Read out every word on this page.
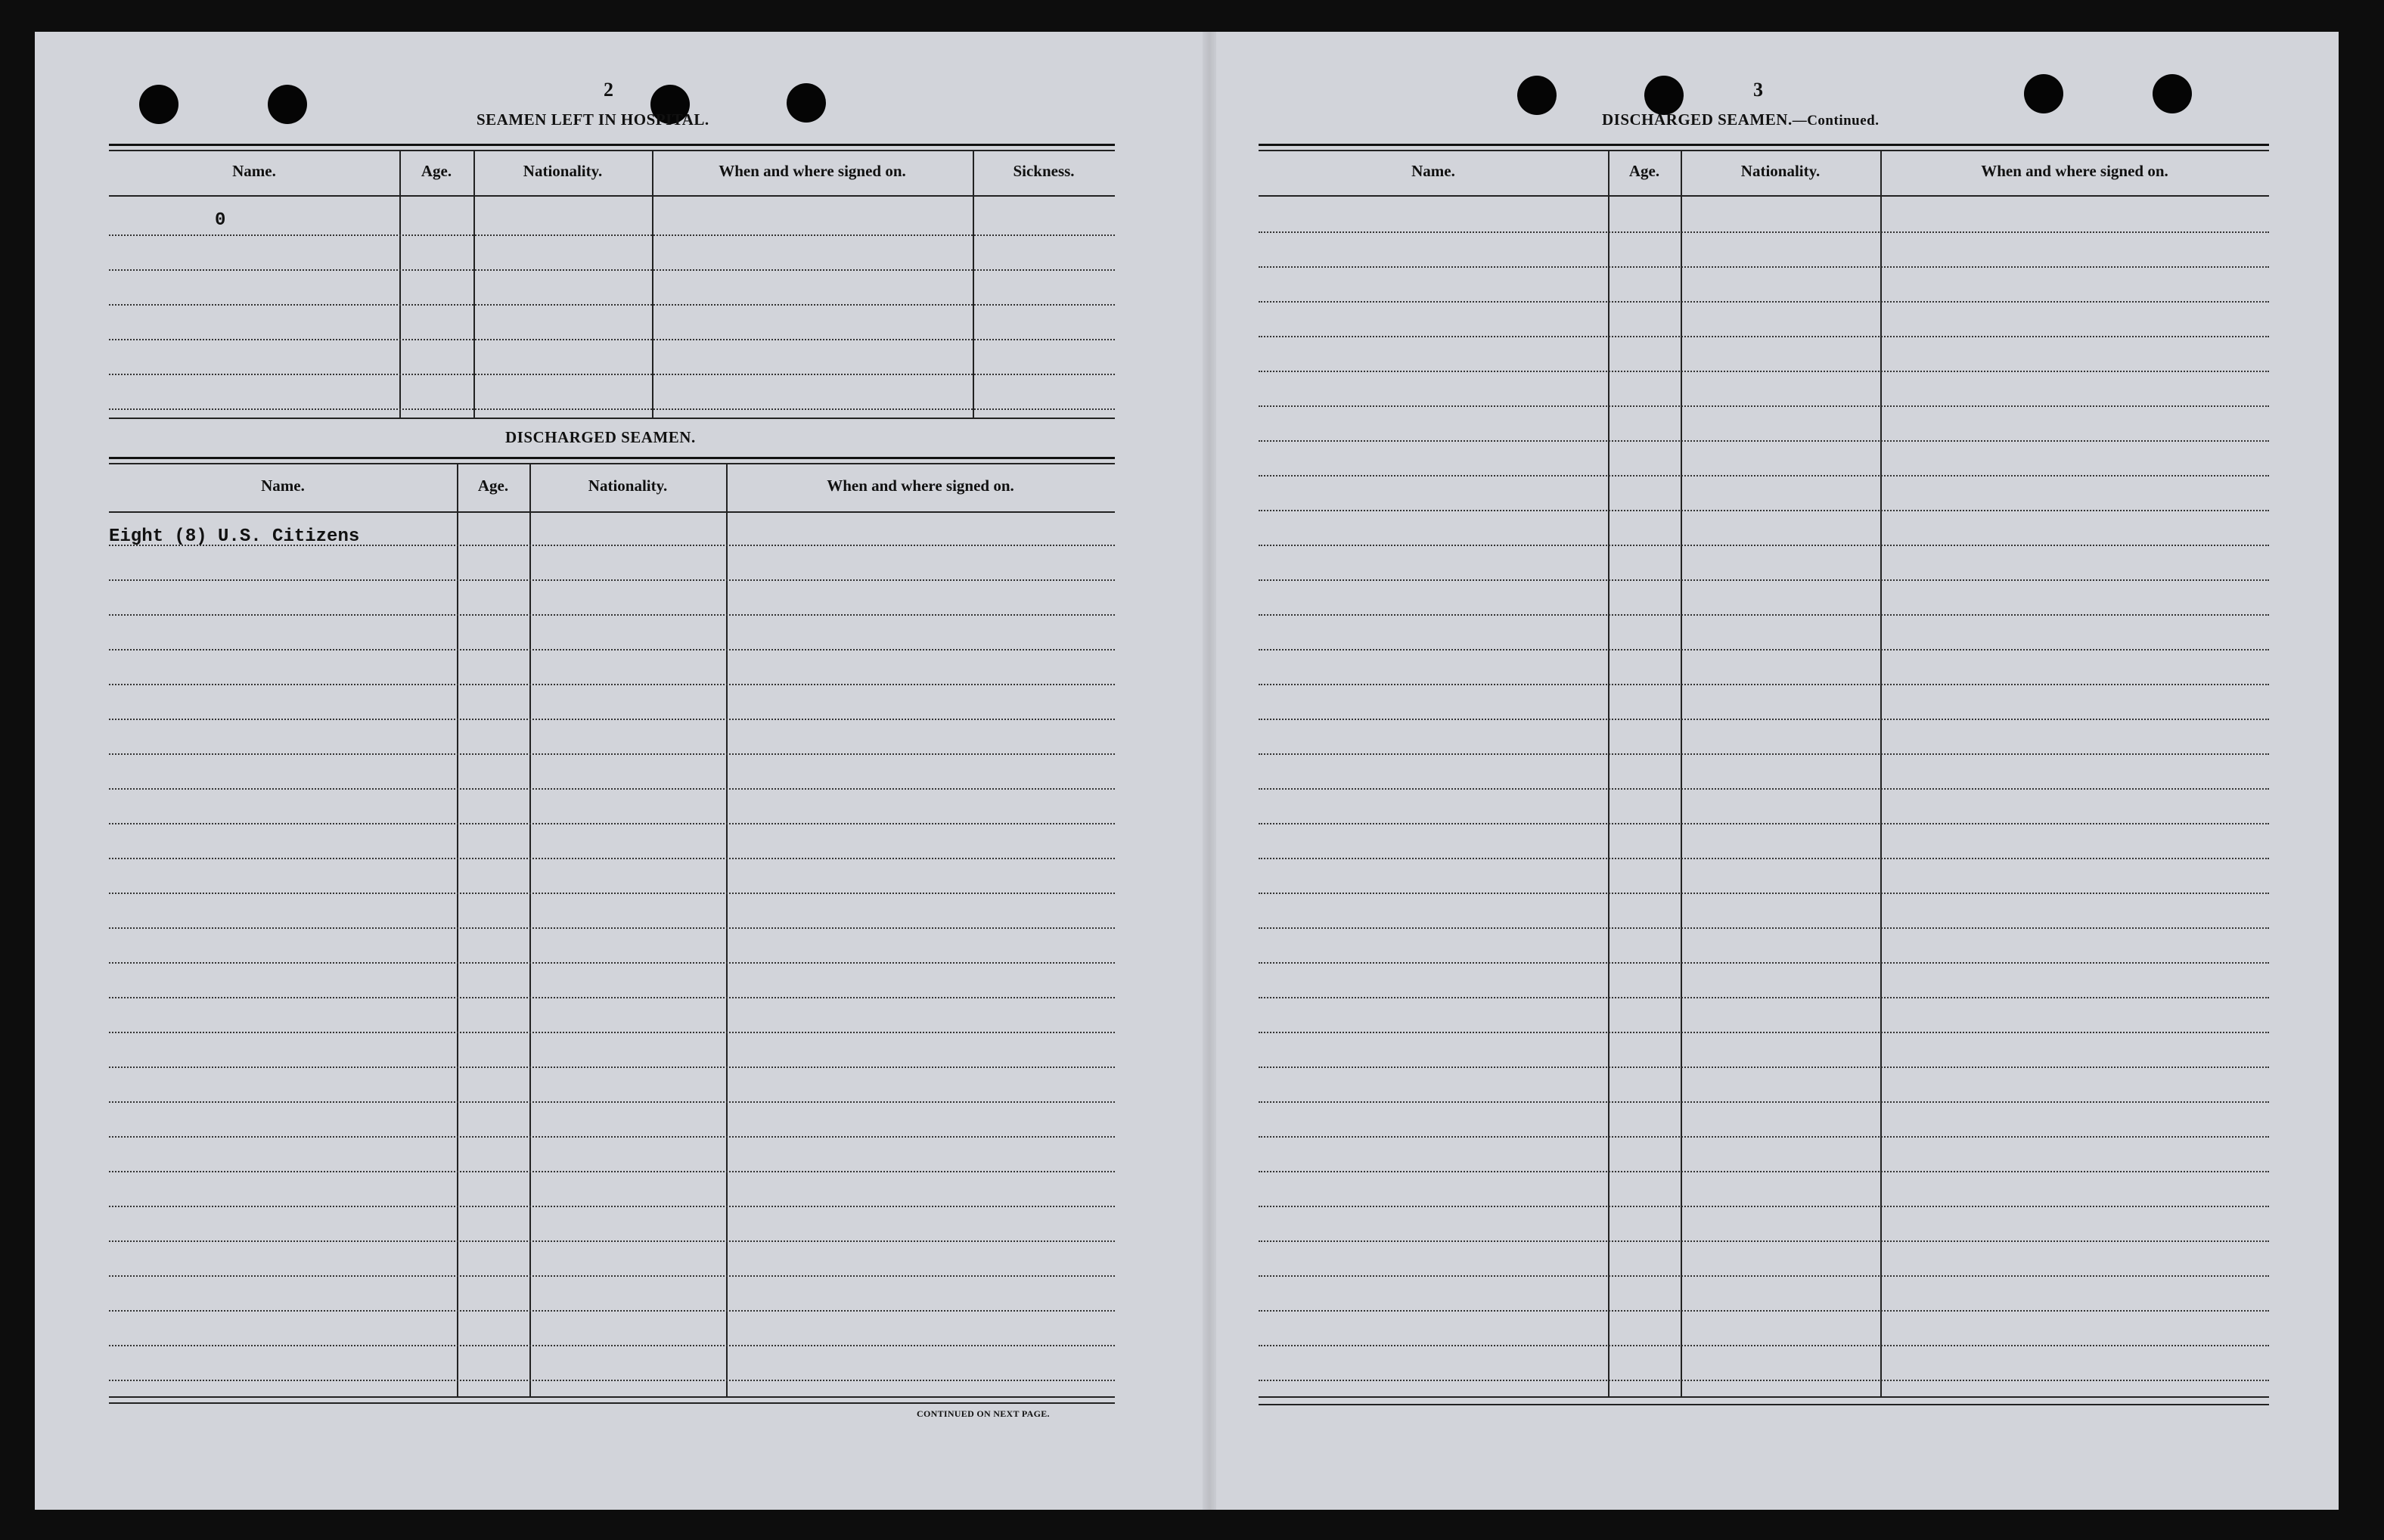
2
SEAMEN LEFT IN HOSPITAL.
Name.	Age.	Nationality.	When and where signed on.	Sickness.
0
DISCHARGED SEAMEN.
Name.	Age.	Nationality.	When and where signed on.
Eight (8) U.S. Citizens
CONTINUED ON NEXT PAGE.
3
DISCHARGED SEAMEN.—Continued.
Name.	Age.	Nationality.	When and where signed on.
